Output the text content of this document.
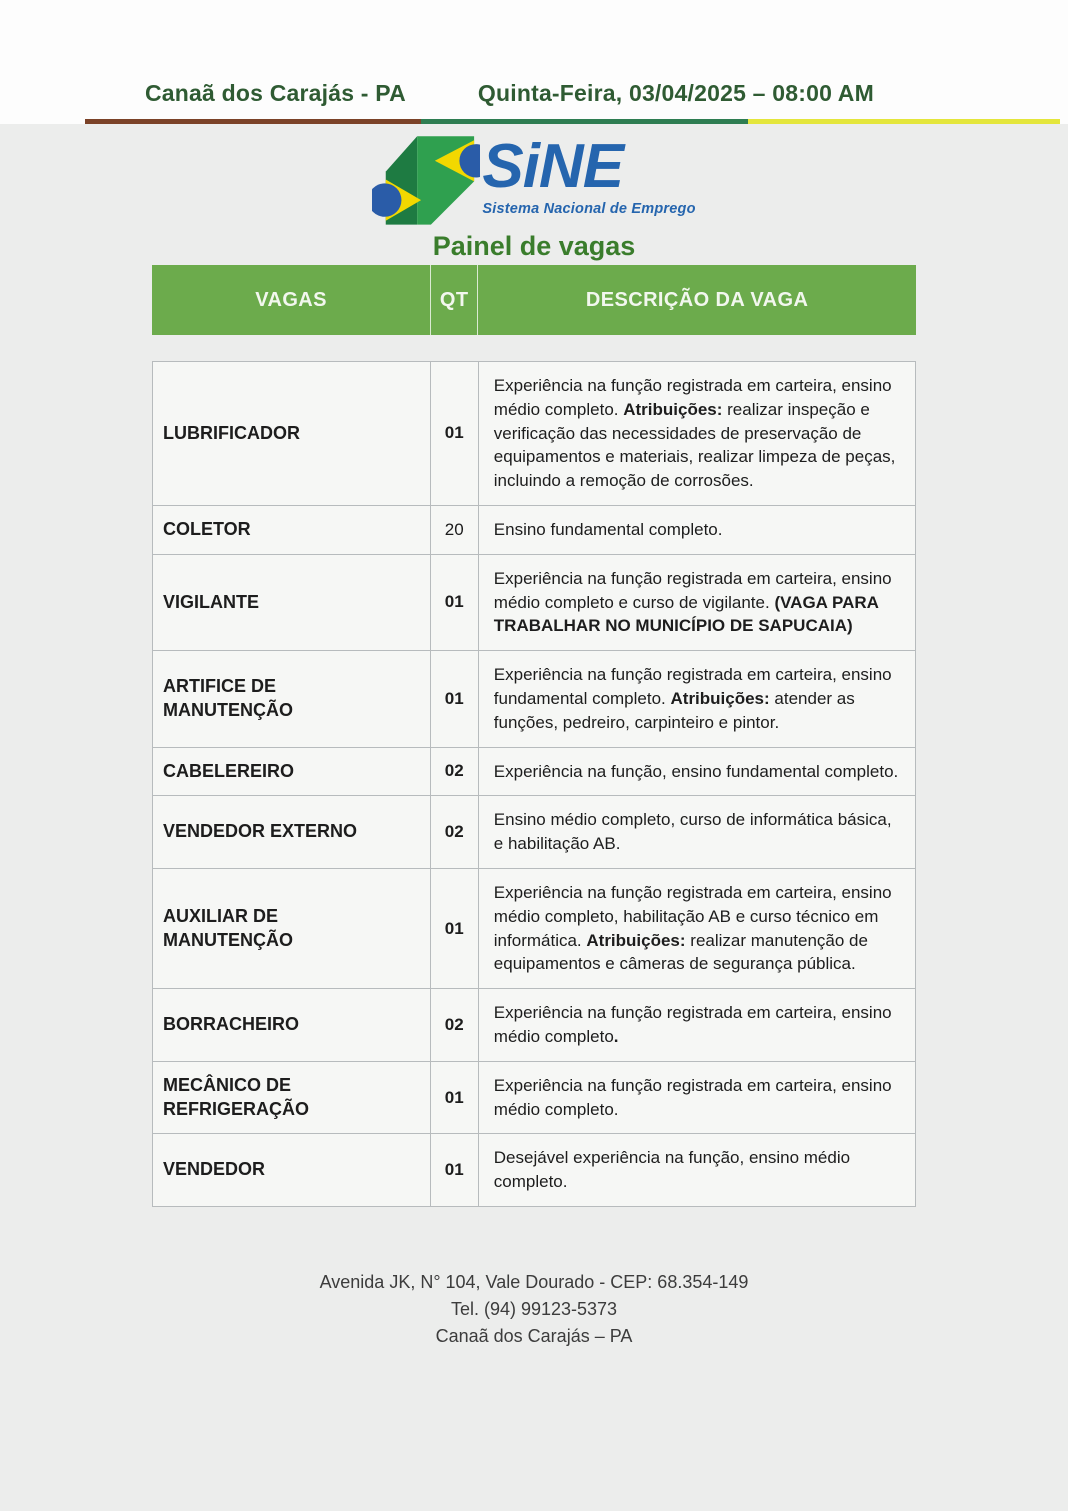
Canaã dos Carajás - PA	Quinta-Feira, 03/04/2025 – 08:00 AM
SiNE
Sistema Nacional de Emprego
Painel de vagas
VAGAS	QT	DESCRIÇÃO DA VAGA
LUBRIFICADOR	01	Experiência na função registrada em carteira, ensino médio completo. Atribuições: realizar inspeção e verificação das necessidades de preservação de equipamentos e materiais, realizar limpeza de peças, incluindo a remoção de corrosões.
COLETOR	20	Ensino fundamental completo.
VIGILANTE	01	Experiência na função registrada em carteira, ensino médio completo e curso de vigilante. (VAGA PARA TRABALHAR NO MUNICÍPIO DE SAPUCAIA)
ARTIFICE DE MANUTENÇÃO	01	Experiência na função registrada em carteira, ensino fundamental completo. Atribuições: atender as funções, pedreiro, carpinteiro e pintor.
CABELEREIRO	02	Experiência na função, ensino fundamental completo.
VENDEDOR EXTERNO	02	Ensino médio completo, curso de informática básica, e habilitação AB.
AUXILIAR DE MANUTENÇÃO	01	Experiência na função registrada em carteira, ensino médio completo, habilitação AB e curso técnico em informática. Atribuições: realizar manutenção de equipamentos e câmeras de segurança pública.
BORRACHEIRO	02	Experiência na função registrada em carteira, ensino médio completo.
MECÂNICO DE REFRIGERAÇÃO	01	Experiência na função registrada em carteira, ensino médio completo.
VENDEDOR	01	Desejável experiência na função, ensino médio completo.
Avenida JK, N° 104, Vale Dourado - CEP: 68.354-149
Tel. (94) 99123-5373
Canaã dos Carajás – PA
